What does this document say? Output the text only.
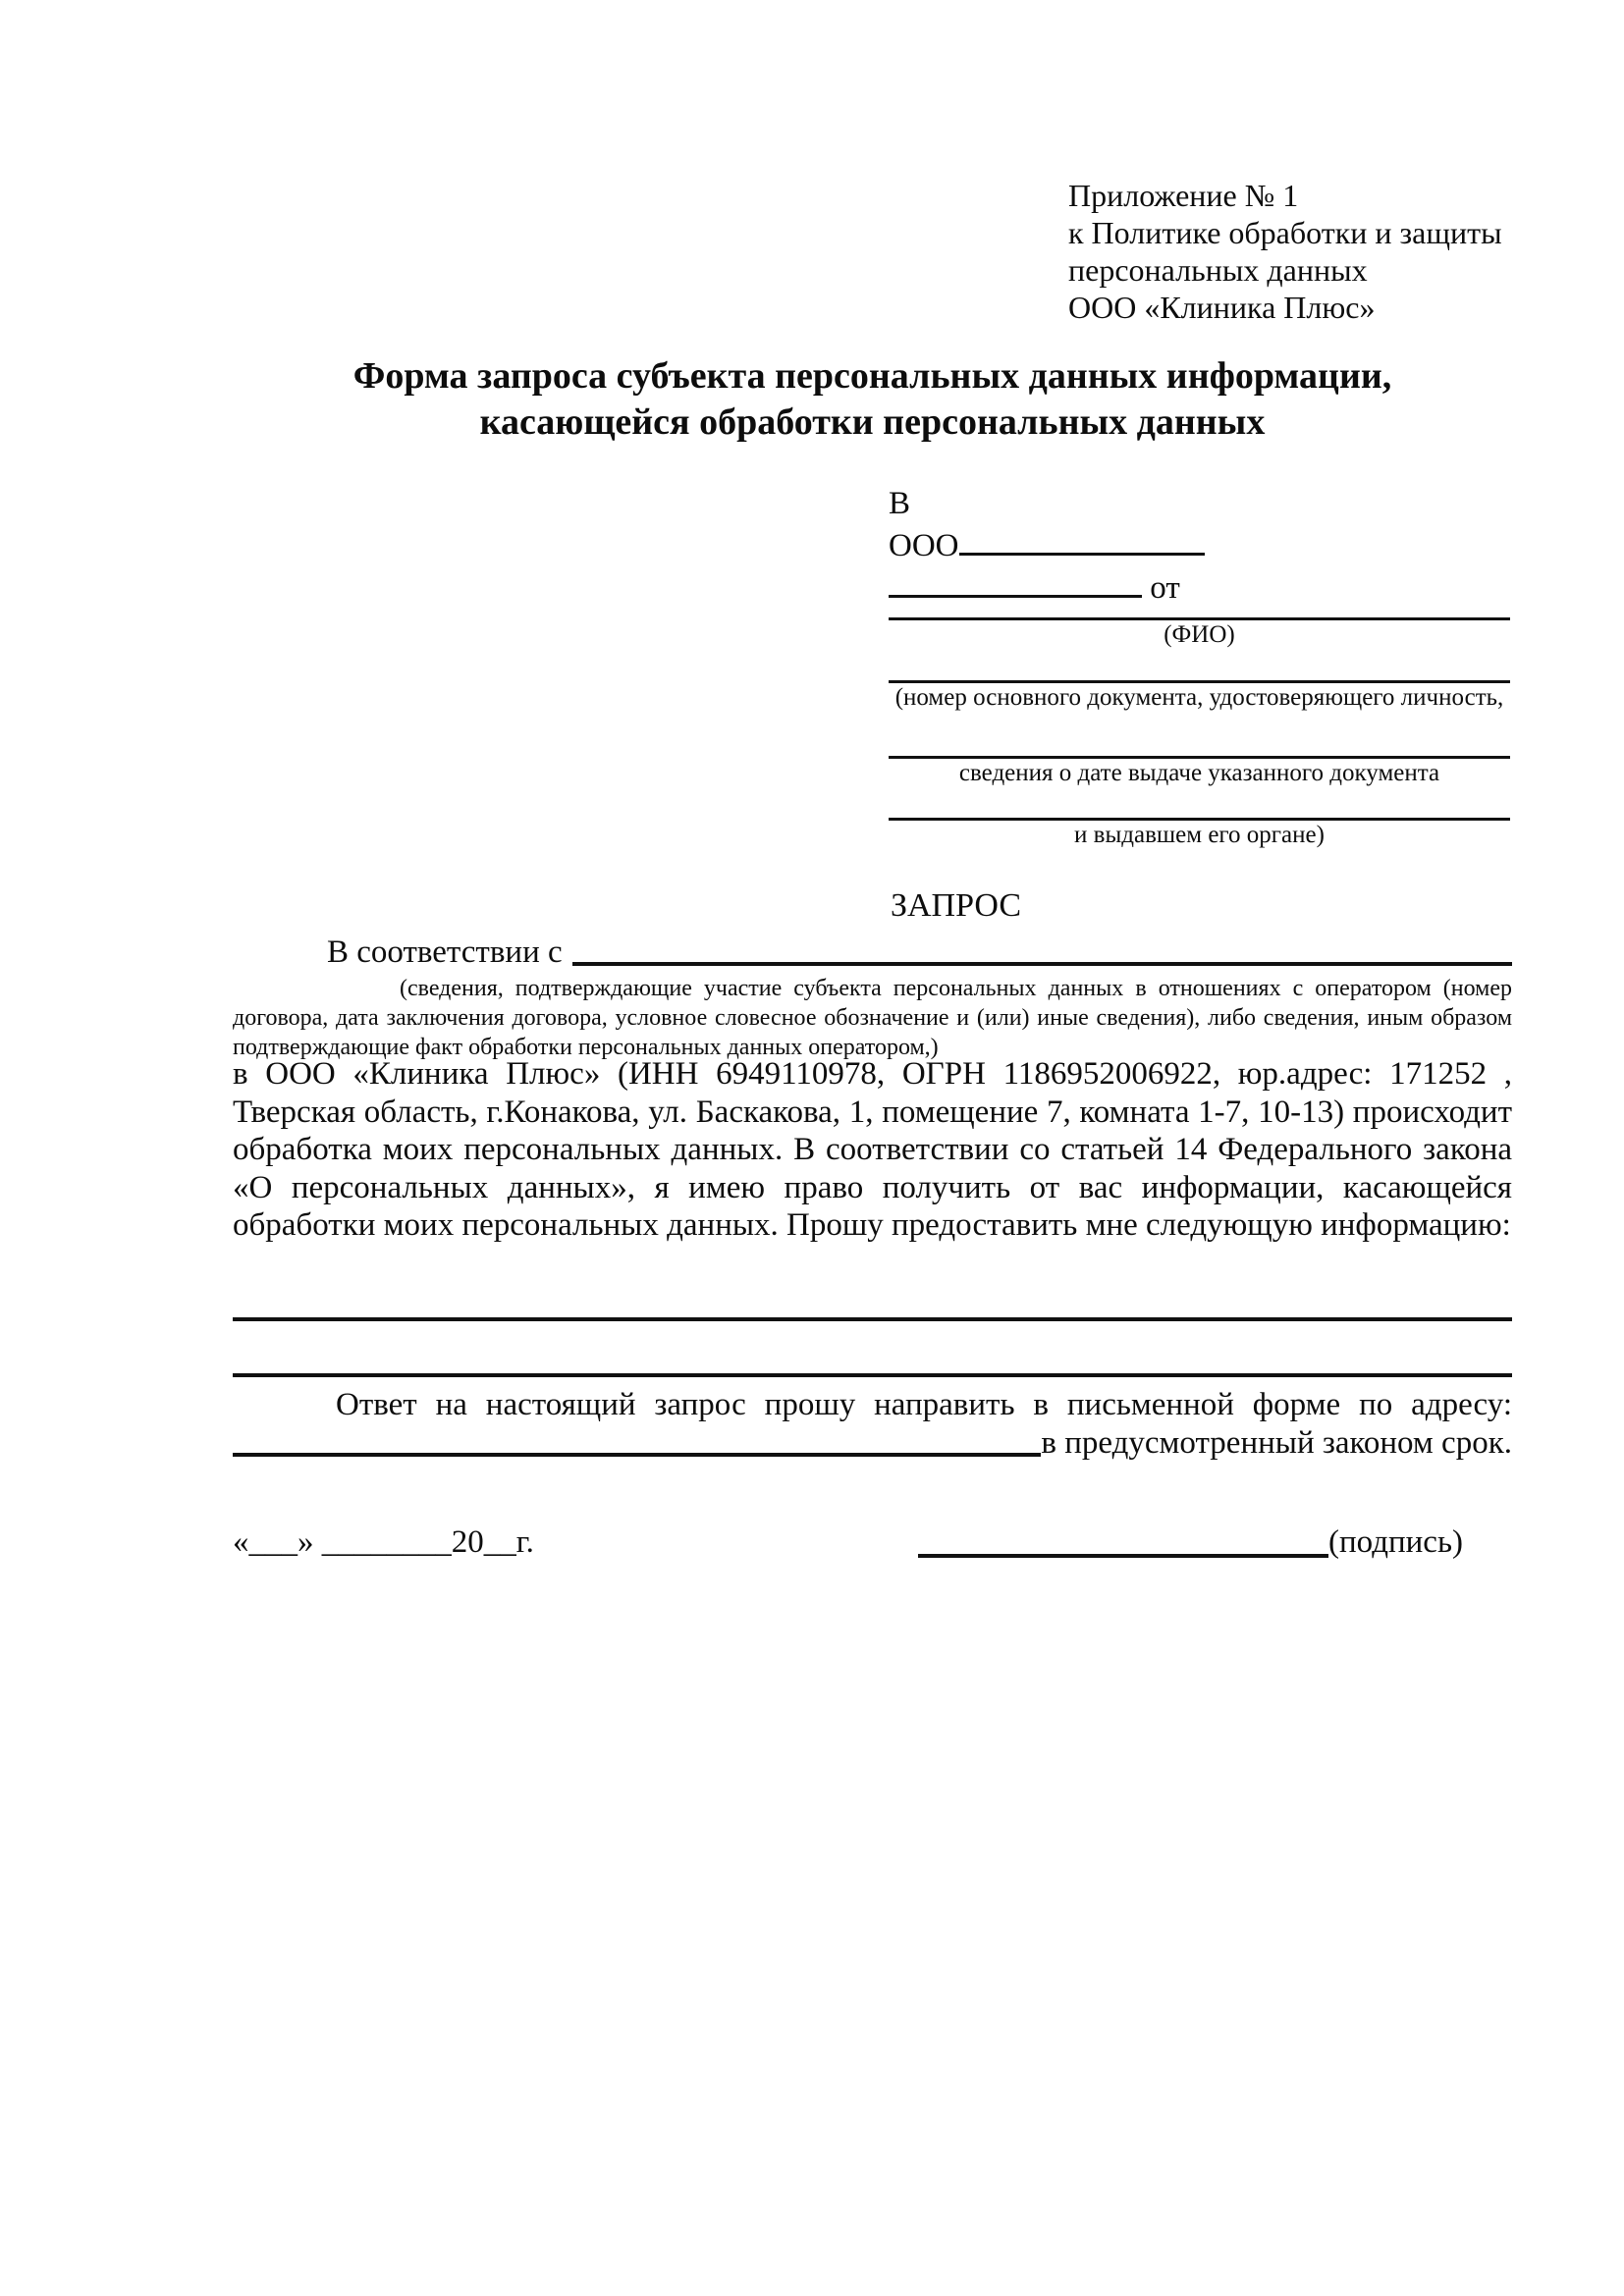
Приложение № 1
к Политике обработки и защиты
персональных данных
ООО «Клиника Плюс»
Форма запроса субъекта персональных данных информации,
касающейся обработки персональных данных
В
ООО
от
(ФИО)
(номер основного документа, удостоверяющего личность,
сведения о дате выдаче указанного документа
и выдавшем его органе)
ЗАПРОС
В соответствии с
(сведения, подтверждающие участие субъекта персональных данных в отношениях с оператором (номер договора, дата заключения договора, условное словесное обозначение и (или) иные сведения), либо сведения, иным образом подтверждающие факт обработки персональных данных оператором,)
в ООО «Клиника Плюс» (ИНН 6949110978, ОГРН 1186952006922, юр.адрес: 171252 , Тверская область, г.Конакова, ул. Баскакова, 1, помещение 7, комната 1-7, 10-13) происходит обработка моих персональных данных. В соответствии со статьей 14 Федерального закона «О персональных данных», я имею право получить от вас информации, касающейся обработки моих персональных данных. Прошу предоставить мне следующую информацию:
Ответ на настоящий запрос прошу направить в письменной форме по адресу:
в предусмотренный законом срок.
«___» ________20__г.	(подпись)
